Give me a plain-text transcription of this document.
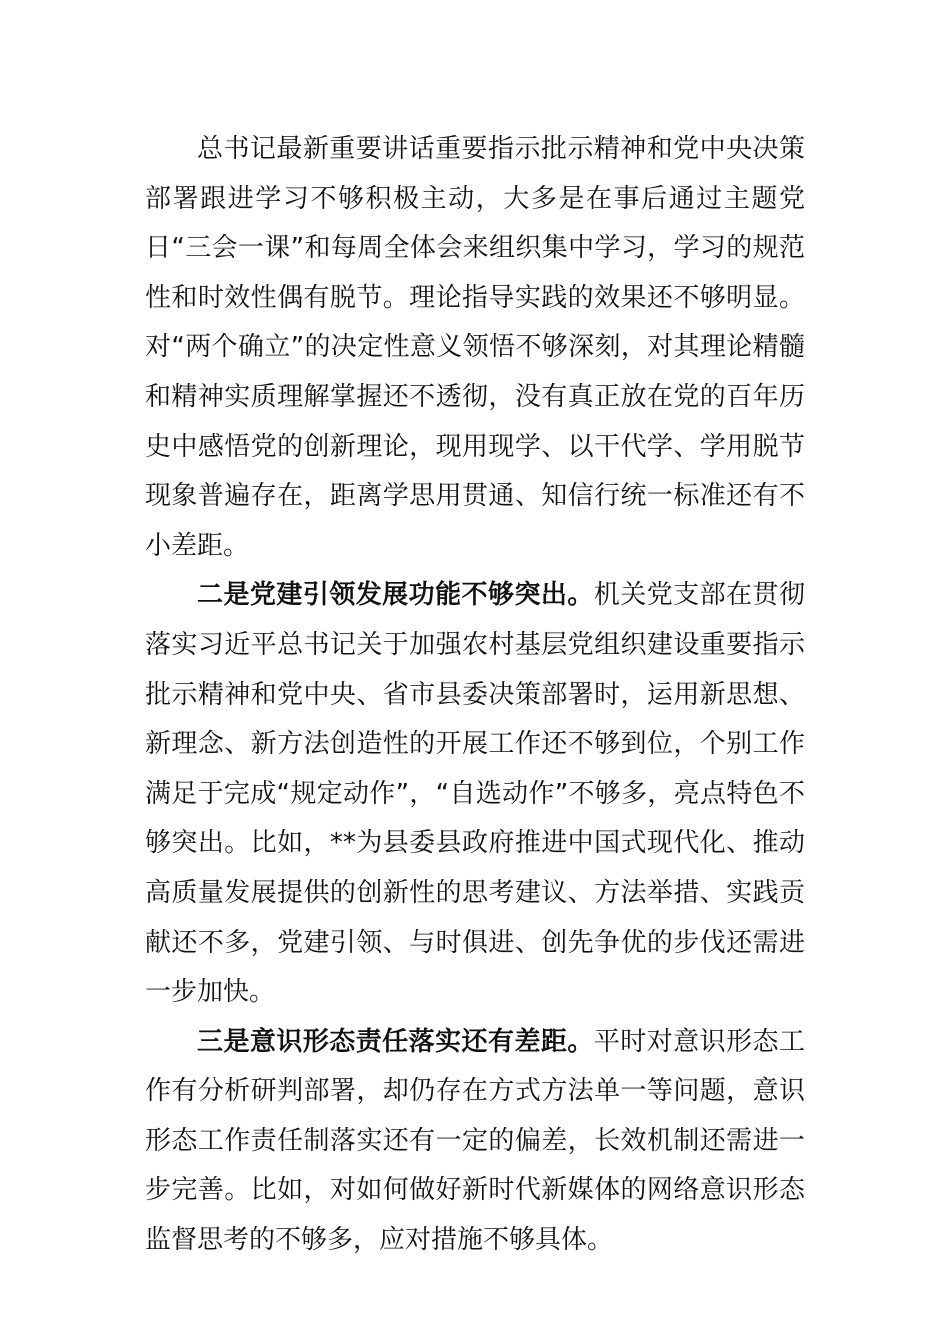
总书记最新重要讲话重要指示批示精神和党中央决策部署跟进学习不够积极主动，大多是在事后通过主题党日“三会一课”和每周全体会来组织集中学习，学习的规范性和时效性偶有脱节。理论指导实践的效果还不够明显。对“两个确立”的决定性意义领悟不够深刻，对其理论精髓和精神实质理解掌握还不透彻，没有真正放在党的百年历史中感悟党的创新理论，现用现学、以干代学、学用脱节现象普遍存在，距离学思用贯通、知信行统一标准还有不小差距。

二是党建引领发展功能不够突出。机关党支部在贯彻落实习近平总书记关于加强农村基层党组织建设重要指示批示精神和党中央、省市县委决策部署时，运用新思想、新理念、新方法创造性的开展工作还不够到位，个别工作满足于完成“规定动作”，“自选动作”不够多，亮点特色不够突出。比如，**为县委县政府推进中国式现代化、推动高质量发展提供的创新性的思考建议、方法举措、实践贡献还不多，党建引领、与时俱进、创先争优的步伐还需进一步加快。

三是意识形态责任落实还有差距。平时对意识形态工作有分析研判部署，却仍存在方式方法单一等问题，意识形态工作责任制落实还有一定的偏差，长效机制还需进一步完善。比如，对如何做好新时代新媒体的网络意识形态监督思考的不够多，应对措施不够具体。
